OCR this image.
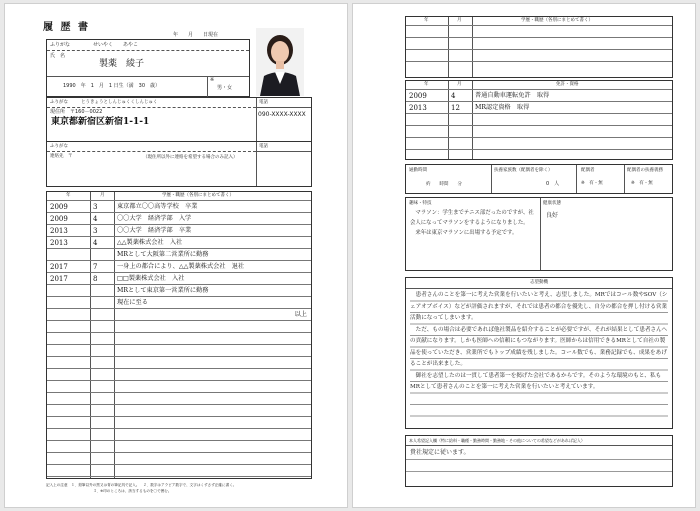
履 歴 書
年　　月　　日現在
ふりがな	せいやく　　あやこ
氏　名
製薬　綾子
1990　年　1　月　1 日生（満　30　歳）
※
男・女
ふりがな	とうきょうとしんじゅくくしんじゅく
現住所　〒160－0022
東京都新宿区新宿1-1-1
電話
090-XXXX-XXXX
ふりがな
連絡先　〒	（現住所以外に連絡を希望する場合のみ記入）
電話
年	月	学歴・職歴（各別にまとめて書く）
2009	3	東京都立〇〇高等学校　卒業
2009	4	〇〇大学　経済学部　入学
2013	3	〇〇大学　経済学部　卒業
2013	4	△△製薬株式会社　入社
MRとして大阪第二営業所に勤務
2017	7	一身上の都合により、△△製薬株式会社　退社
2017	8	□□製薬株式会社　入社
MRとして東京第一営業所に勤務
現在に至る
以上
記入上の注意　１．鉛筆以外の黒又は青の筆記具で記入。　２．数字はアラビア数字で、文字はくずさず正確に書く。
３．※印のところは、該当するものを〇で囲む。
年	月	学歴・職歴（各別にまとめて書く）
年	月	免許・資格
2009	4	普通自動車運転免許　取得
2013	12 MR認定資格　取得
通勤時間
約　　時間　　分
扶養家族数（配偶者を除く）
0　人
配偶者
※　有・無
配偶者の扶養義務
※　有・無
趣味・特技
　マラソン：学生までテニス部だったのですが、社会人になってマラソンをするようになりました。
　来年は東京マラソンに出場する予定です。
健康状態
良好
志望動機
　患者さんのことを第一に考えた営業を行いたいと考え、志望しました。MRではコール数やSOV（シェアオブボイス）などが評価されますが、それでは患者の都合を優先し、自分の都合を押し付ける営業活動になってしまいます。
　ただ、もの場合は必要であれば他社製品を紹介することが必要ですが、それが結果として患者さんへの貢献になります。しかも医師への信頼にもつながります。医師からは信用できるMRとして自社の製品を使っていただき、営業所でもトップ成績を残しました。コール数でも、業務記録でも、成果をあげることが出来ました。
　御社を志望したのは一貫して患者第一を掲げた会社であるからです。そのような環境のもと、私もMRとして患者さんのことを第一に考えた営業を行いたいと考えています。
本人希望記入欄（特に給料・職種・勤務時間・勤務地・その他についての希望などがあれば記入）
貴社規定に従います。
